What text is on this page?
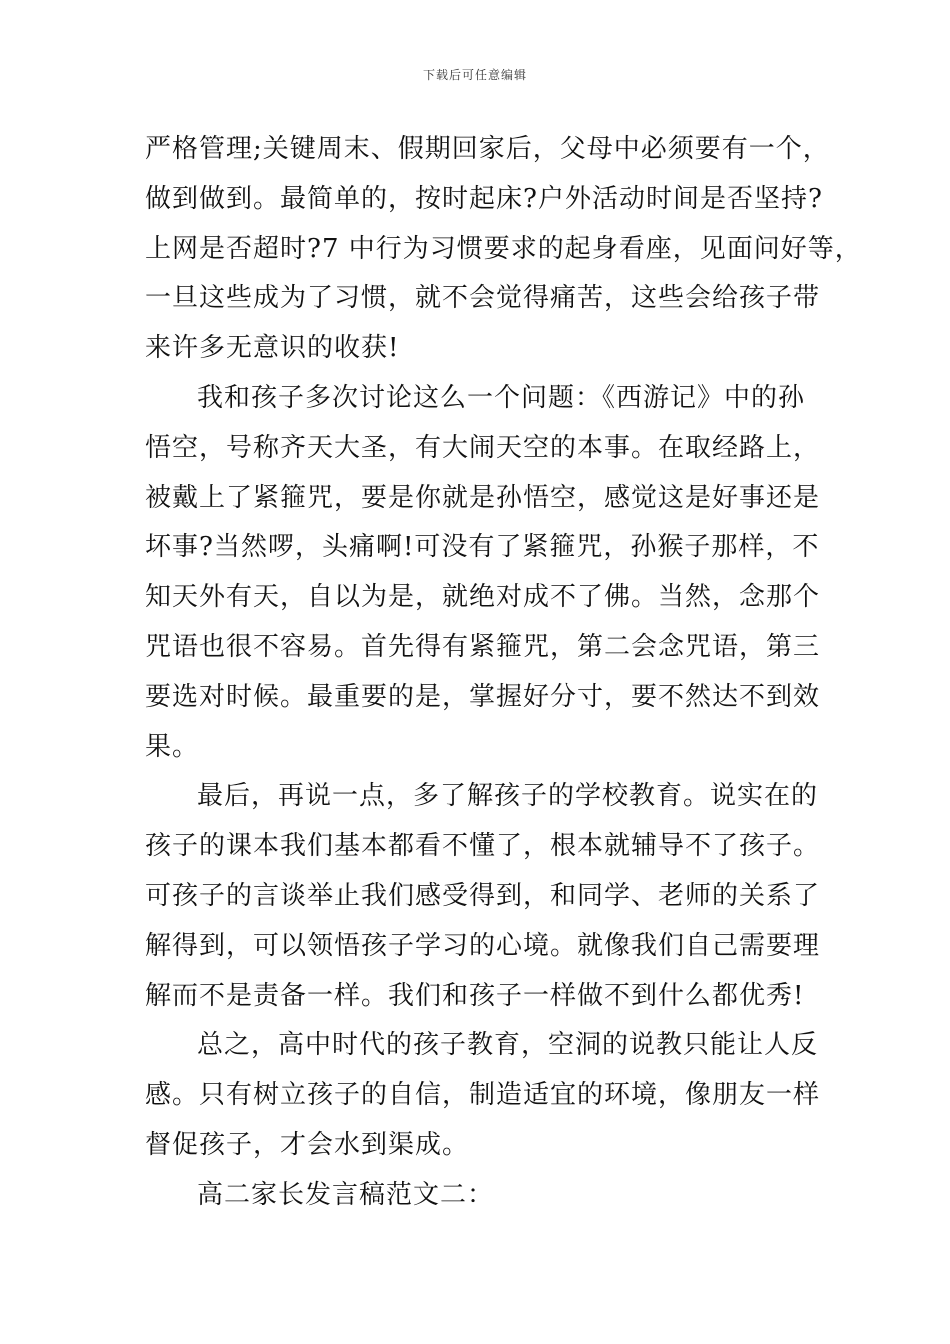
下载后可任意编辑
严格管理;关键周末、假期回家后，父母中必须要有一个，
做到做到。最简单的，按时起床?户外活动时间是否坚持?
上网是否超时?7 中行为习惯要求的起身看座，见面问好等，
一旦这些成为了习惯，就不会觉得痛苦，这些会给孩子带
来许多无意识的收获!
我和孩子多次讨论这么一个问题：《西游记》中的孙
悟空，号称齐天大圣，有大闹天空的本事。在取经路上，
被戴上了紧箍咒，要是你就是孙悟空，感觉这是好事还是
坏事?当然啰，头痛啊!可没有了紧箍咒，孙猴子那样，不
知天外有天，自以为是，就绝对成不了佛。当然，念那个
咒语也很不容易。首先得有紧箍咒，第二会念咒语，第三
要选对时候。最重要的是，掌握好分寸，要不然达不到效
果。
最后，再说一点，多了解孩子的学校教育。说实在的
孩子的课本我们基本都看不懂了，根本就辅导不了孩子。
可孩子的言谈举止我们感受得到，和同学、老师的关系了
解得到，可以领悟孩子学习的心境。就像我们自己需要理
解而不是责备一样。我们和孩子一样做不到什么都优秀!
总之，高中时代的孩子教育，空洞的说教只能让人反
感。只有树立孩子的自信，制造适宜的环境，像朋友一样
督促孩子，才会水到渠成。
高二家长发言稿范文二：
